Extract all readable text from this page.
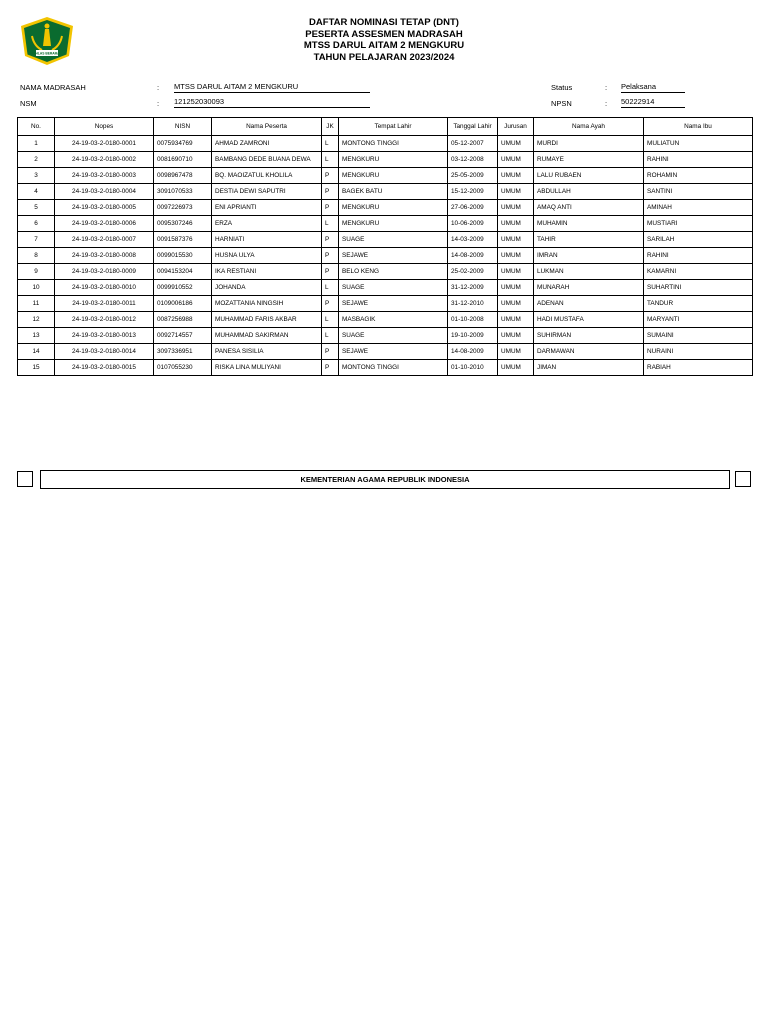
IKHLAS BERAMAL
DAFTAR NOMINASI TETAP (DNT)
PESERTA ASSESMEN MADRASAH
MTSS DARUL AITAM 2 MENGKURU
TAHUN PELAJARAN 2023/2024
NAMA MADRASAH	: MTSS DARUL AITAM 2 MENGKURU
NSM	: 121252030093
Status	: Pelaksana
NPSN	: 50222914
No.	Nopes	NISN	Nama Peserta	JK	Tempat Lahir	Tanggal Lahir	Jurusan	Nama Ayah	Nama Ibu
1	24-19-03-2-0180-0001	0075934769	AHMAD ZAMRONI	L	MONTONG TINGGI	05-12-2007	UMUM	MURDI	MULIATUN
2	24-19-03-2-0180-0002	0081690710	BAMBANG DEDE BUANA DEWA	L	MENGKURU	03-12-2008	UMUM	RUMAYE	RAHINI
3	24-19-03-2-0180-0003	0098967478	BQ. MAOIZATUL KHOLILA	P	MENGKURU	25-05-2009	UMUM	LALU RUBAEN	ROHAMIN
4	24-19-03-2-0180-0004	3091070533	DESTIA DEWI SAPUTRI	P	BAGEK BATU	15-12-2009	UMUM	ABDULLAH	SANTINI
5	24-19-03-2-0180-0005	0097226973	ENI APRIANTI	P	MENGKURU	27-06-2009	UMUM	AMAQ ANTI	AMINAH
6	24-19-03-2-0180-0006	0095307246	ERZA	L	MENGKURU	10-06-2009	UMUM	MUHAMIN	MUSTIARI
7	24-19-03-2-0180-0007	0091587376	HARNIATI	P	SUAGE	14-03-2009	UMUM	TAHIR	SARILAH
8	24-19-03-2-0180-0008	0099015530	HUSNA ULYA	P	SEJAWE	14-08-2009	UMUM	IMRAN	RAHINI
9	24-19-03-2-0180-0009	0094153204	IKA RESTIANI	P	BELO KENG	25-02-2009	UMUM	LUKMAN	KAMARNI
10	24-19-03-2-0180-0010	0099910552	JOHANDA	L	SUAGE	31-12-2009	UMUM	MUNARAH	SUHARTINI
11	24-19-03-2-0180-0011	0109006186	MOZATTANIA NINGSIH	P	SEJAWE	31-12-2010	UMUM	ADENAN	TANDUR
12	24-19-03-2-0180-0012	0087256988	MUHAMMAD FARIS AKBAR	L	MASBAGIK	01-10-2008	UMUM	HADI MUSTAFA	MARYANTI
13	24-19-03-2-0180-0013	0092714557	MUHAMMAD SAKIRMAN	L	SUAGE	19-10-2009	UMUM	SUHIRMAN	SUMAINI
14	24-19-03-2-0180-0014	3097336951	PANESA SISILIA	P	SEJAWE	14-08-2009	UMUM	DARMAWAN	NURAINI
15	24-19-03-2-0180-0015	0107055230	RISKA LINA MULIYANI	P	MONTONG TINGGI	01-10-2010	UMUM	JIMAN	RABIAH
KEMENTERIAN AGAMA REPUBLIK INDONESIA
